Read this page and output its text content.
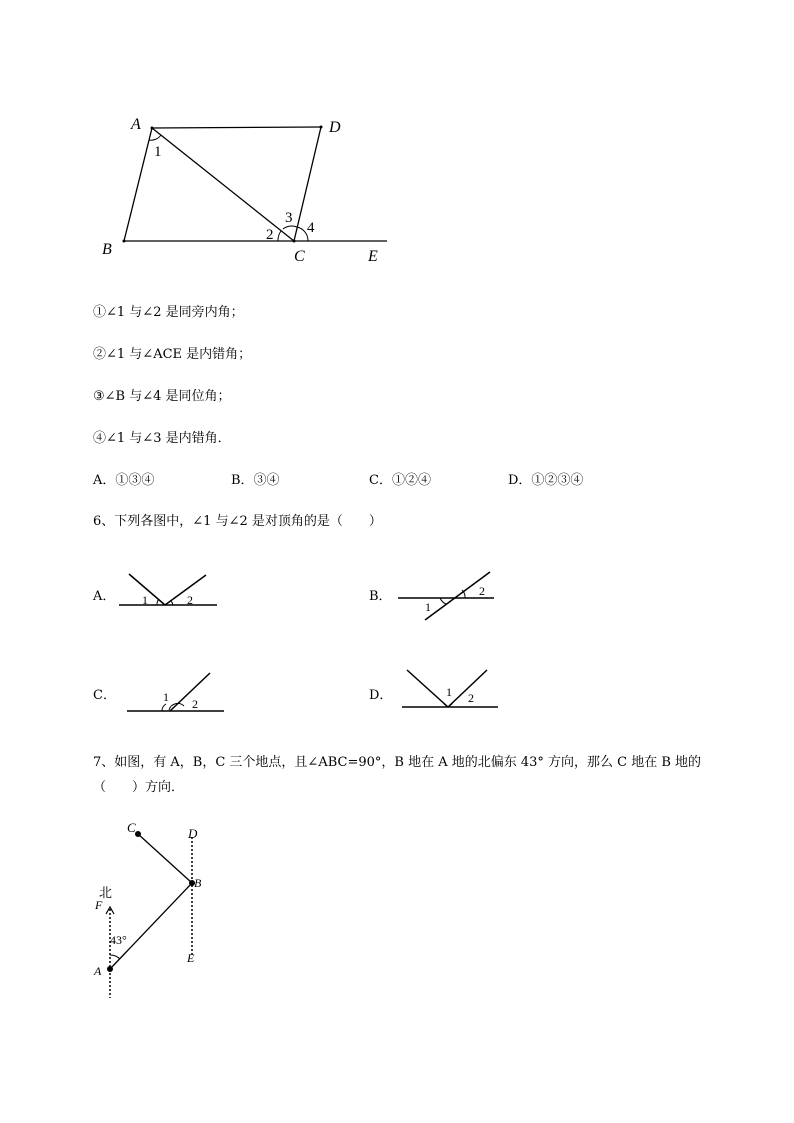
A	D
B	C	E
1
2
3
4
①∠1 与∠2 是同旁内角；
②∠1 与∠ACE 是内错角；
③∠B 与∠4 是同位角；
④∠1 与∠3 是内错角．
A．①③④	B．③④	C．①②④	D．①②③④
6、下列各图中，∠1 与∠2 是对顶角的是（　　）
A． 1	2	B．
1
2
C．	1 2
D．	1 2
7、如图，有 A，B，C 三个地点，且∠ABC=90°，B 地在 A 地的北偏东 43° 方向，那么 C 地在 B 地的
（　　）方向．
C	D
B
北
F
43°
A
E
